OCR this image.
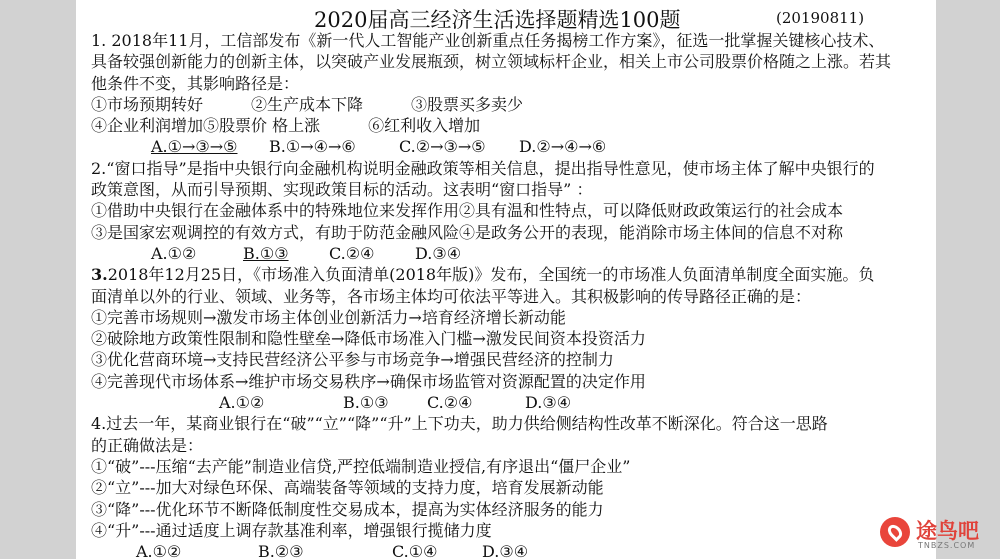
2020届高三经济生活选择题精选100题	(20190811)
1. 2018年11月，工信部发布《新一代人工智能产业创新重点任务揭榜工作方案》，征选一批掌握关键核心技术、
具备较强创新能力的创新主体，以突破产业发展瓶颈，树立领域标杆企业，相关上市公司股票价格随之上涨。若其
他条件不变，其影响路径是：
①市场预期转好　　　②生产成本下降　　　③股票买多卖少
④企业利润增加⑤股票价 格上涨　　　⑥红利收入增加
A.①→③→⑤ B.①→④→⑥	C.②→③→⑤ D.②→④→⑥
2.“窗口指导”是指中央银行向金融机构说明金融政策等相关信息，提出指导性意见，使市场主体了解中央银行的
政策意图，从而引导预期、实现政策目标的活动。这表明“窗口指导” ：
①借助中央银行在金融体系中的特殊地位来发挥作用②具有温和性特点，可以降低财政政策运行的社会成本
③是国家宏观调控的有效方式，有助于防范金融风险④是政务公开的表现，能消除市场主体间的信息不对称
A.①②	B.①③	C.②④	D.③④
3.2018年12月25日，《市场准入负面清单(2018年版)》发布，全国统一的市场准人负面清单制度全面实施。负
面清单以外的行业、领域、业务等，各市场主体均可依法平等进入。其积极影响的传导路径正确的是：
①完善市场规则→激发市场主体创业创新活力→培育经济增长新动能
②破除地方政策性限制和隐性壁垒→降低市场准入门槛→激发民间资本投资活力
③优化营商环境→支持民营经济公平参与市场竞争→增强民营经济的控制力
④完善现代市场体系→维护市场交易秩序→确保市场监管对资源配置的决定作用
A.①②	B.①③ C.②④	D.③④
4.过去一年，某商业银行在“破”“立”“降”“升”上下功夫，助力供给侧结构性改革不断深化。符合这一思路
的正确做法是：
①“破”---压缩“去产能”制造业信贷,严控低端制造业授信,有序退出“僵尸企业”
②“立”---加大对绿色环保、高端装备等领域的支持力度，培育发展新动能
③“降”---优化环节不断降低制度性交易成本，提高为实体经济服务的能力
④“升”---通过适度上调存款基准利率，增强银行揽储力度
A.①②	B.②③	C.①④	D.③④
途鸟吧
TNBZS.COM
